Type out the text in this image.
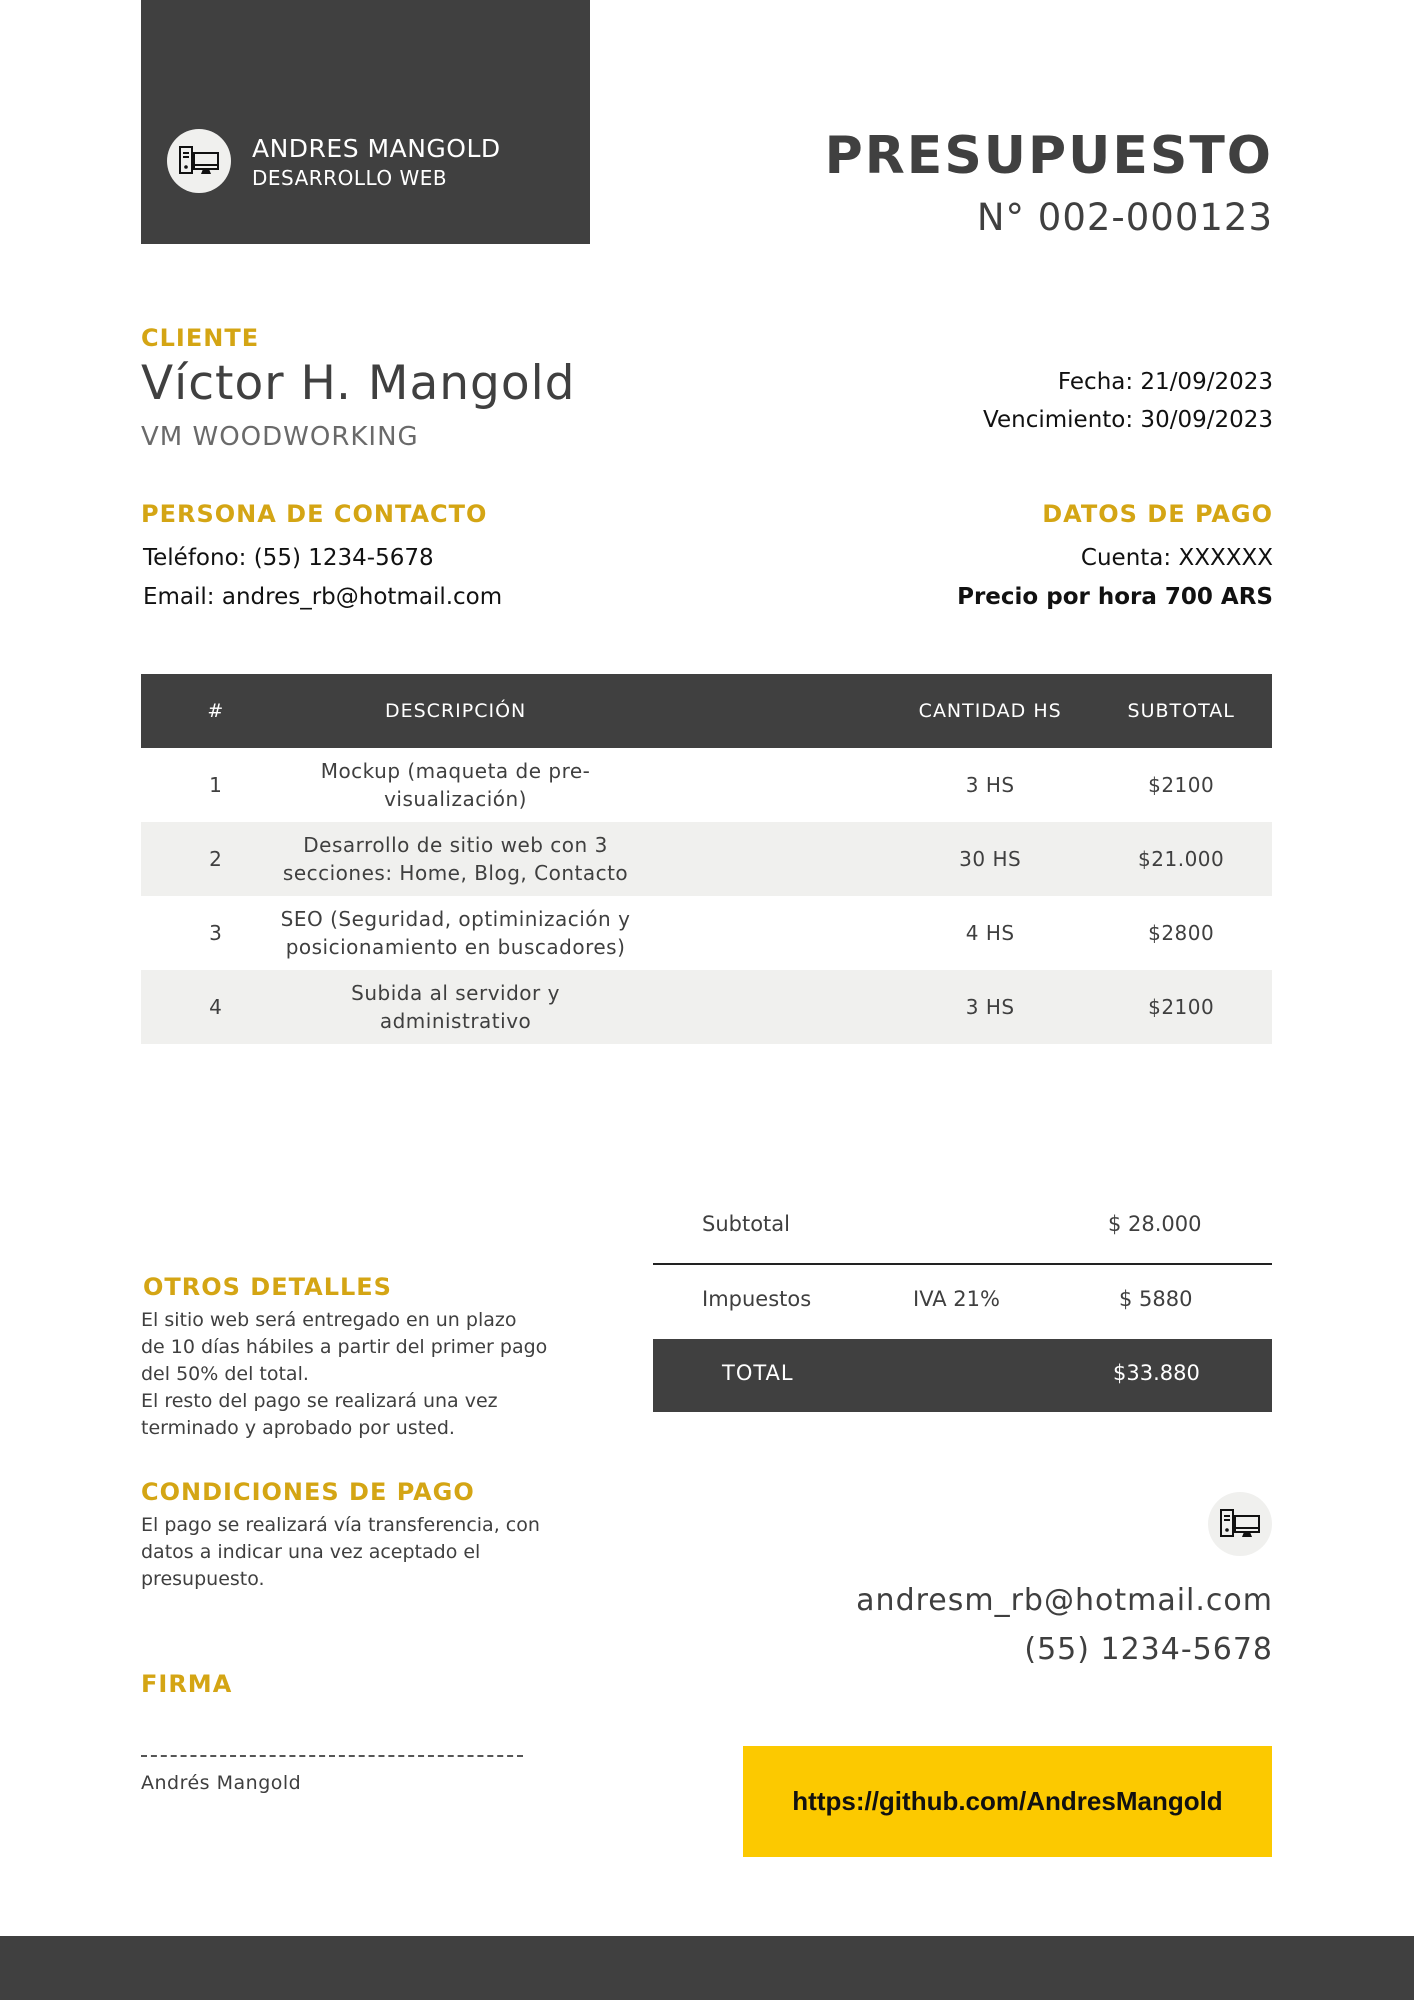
ANDRES MANGOLD
DESARROLLO WEB	PRESUPUESTO
N° 002-000123
CLIENTE
Víctor H. Mangold
VM WOODWORKING
Fecha: 21/09/2023
Vencimiento: 30/09/2023
PERSONA DE CONTACTO
Teléfono: (55) 1234-5678
Email: andres_rb@hotmail.com
DATOS DE PAGO
Cuenta: XXXXXX
Precio por hora 700 ARS
#	DESCRIPCIÓN		CANTIDAD HS	SUBTOTAL
1	Mockup (maqueta de pre-
visualización)		3 HS	$2100
2	Desarrollo de sitio web con 3
secciones: Home, Blog, Contacto		30 HS	$21.000
3	SEO (Seguridad, optiminización y
posicionamiento en buscadores)		4 HS	$2800
4	Subida al servidor y
administrativo		3 HS	$2100
Subtotal	$ 28.000
Impuestos	IVA 21%	$ 5880
TOTAL	$33.880
OTROS DETALLES
El sitio web será entregado en un plazo
de 10 días hábiles a partir del primer pago
del 50% del total.
El resto del pago se realizará una vez
terminado y aprobado por usted.
CONDICIONES DE PAGO
El pago se realizará vía transferencia, con
datos a indicar una vez aceptado el
presupuesto.
FIRMA
Andrés Mangold
andresm_rb@hotmail.com
(55) 1234-5678
https://github.com/AndresMangold
